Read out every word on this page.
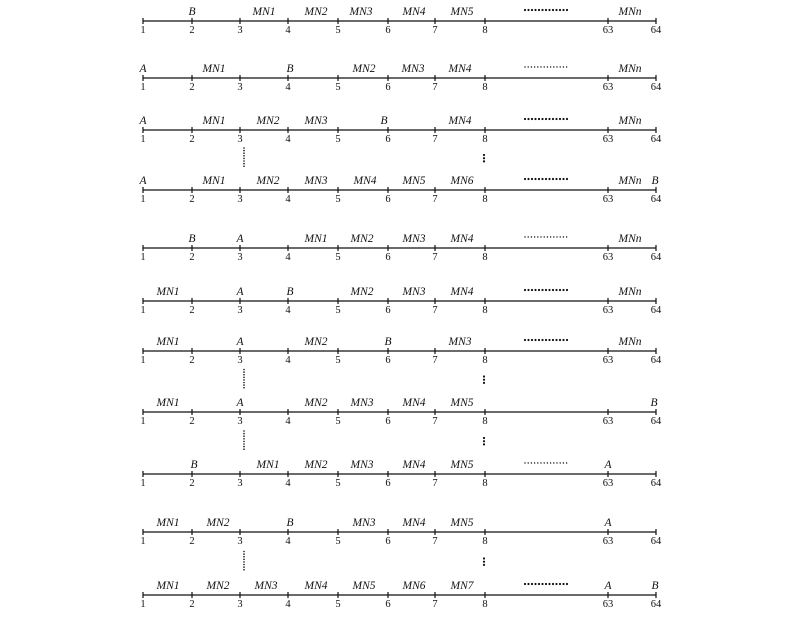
1	2	3	4	5	6	7	8	63	64
B	MN1	MN2 MN3	MN4 MN5	MNn
1	2	3	4	5	6	7	8	63	64
A	MN1	B	MN2 MN3 MN4	MNn
1	2	3	4	5	6	7	8	63	64
A	MN1	MN2 MN3	B	MN4	MNn
1	2	3	4	5	6	7	8	63	64
A	MN1	MN2 MN3 MN4 MN5 MN6	MNn B
1	2	3	4	5	6	7	8	63	64
B	A	MN1 MN2	MN3 MN4	MNn
1	2	3	4	5	6	7	8	63	64
MN1	A	B	MN2	MN3 MN4	MNn
1	2	3	4	5	6	7	8	63	64
MN1	A	MN2	B	MN3	MNn
1	2	3	4	5	6	7	8	63	64
MN1	A	MN2 MN3	MN4 MN5	B
1	2	3	4	5	6	7	8	63	64
B	MN1 MN2 MN3	MN4 MN5	A
1	2	3	4	5	6	7	8	63	64
MN1 MN2	B	MN3 MN4 MN5	A
1	2	3	4	5	6	7	8	63	64
MN1 MN2 MN3 MN4 MN5 MN6 MN7	A	B
